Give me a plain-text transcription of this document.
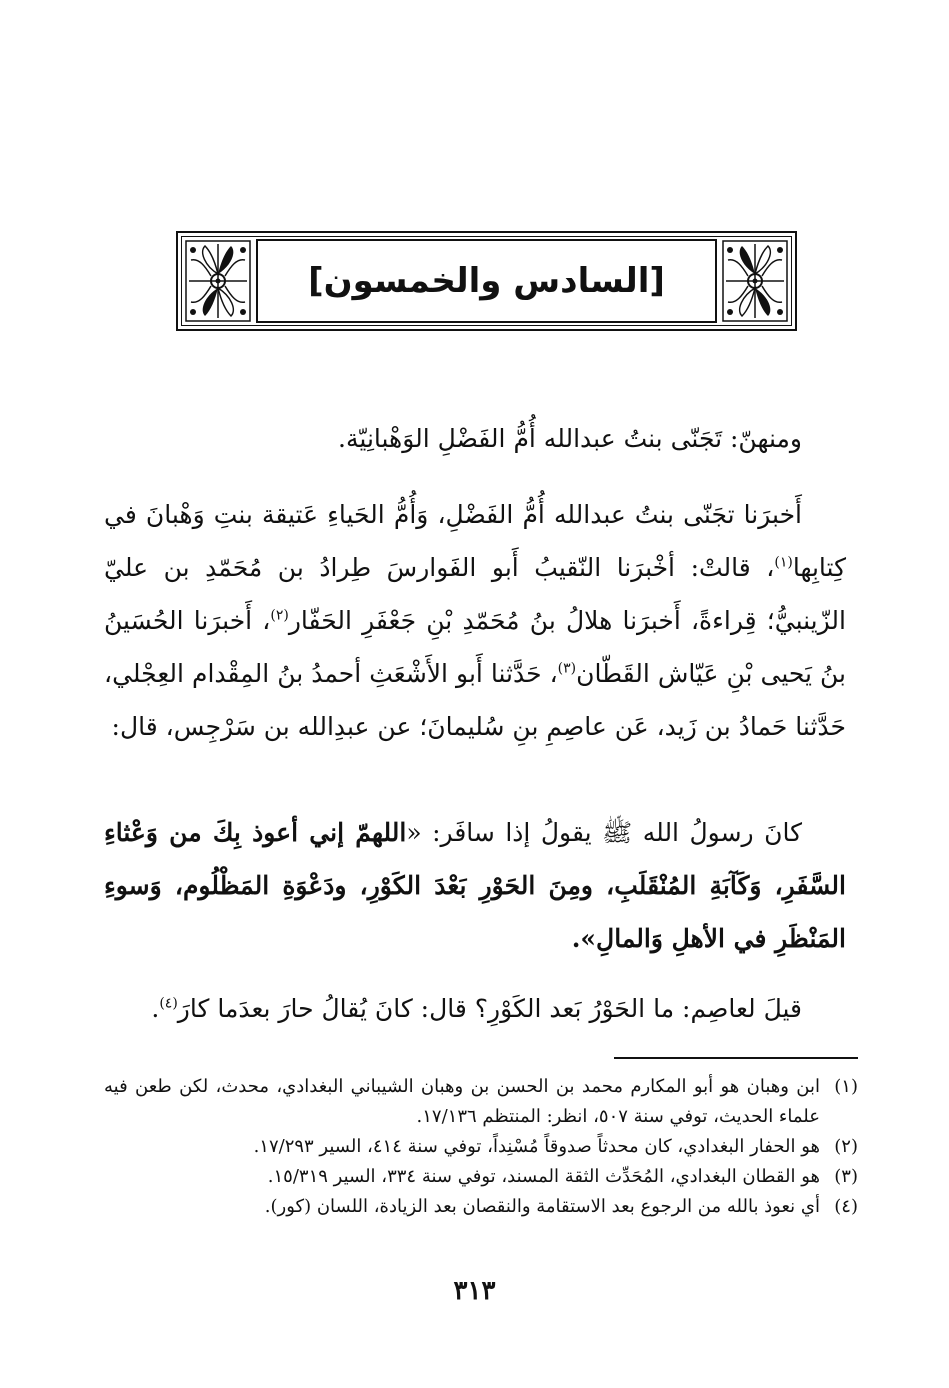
[السادس والخمسون]

ومنهنّ: تَجَنّى بنتُ عبدالله أُمُّ الفَضْلِ الوَهْبانِيّة.

أَخبرَنا تجَنّى بنتُ عبدالله أُمُّ الفَضْلِ، وَأُمُّ الحَياءِ عَتيقة بنتِ وَهْبانَ في كِتابِها$^{(١)}$، قالتْ: أخْبرَنا النّقيبُ أَبو الفَوارسَ طِرادُ بن مُحَمّدِ بن عليّ الزّينبيُّ؛ قِراءةً، أَخبرَنا هلالُ بنُ مُحَمّدِ بْنِ جَعْفَرِ الحَفّار$^{(٢)}$، أَخبرَنا الحُسَينُ بنُ يَحيى بْنِ عَيّاش القَطّان$^{(٣)}$، حَدَّثنا أَبو الأَشْعَثِ أحمدُ بنُ المِقْدام العِجْلي، حَدَّثنا حَمادُ بن زَيد، عَن عاصِمِ بنِ سُليمانَ؛ عن عبدِالله بن سَرْجِس، قال:

كانَ رسولُ الله ﷺ يقولُ إذا سافَر: «اللهمّ إني أعوذ بِكَ من وَعْثاءِ السَّفَرِ، وَكَآبَةِ المُنْقَلَبِ، ومِنَ الحَوْرِ بَعْدَ الكَوْرِ، ودَعْوَةِ المَظْلُوم، وَسوءِ المَنْظَرِ في الأهلِ وَالمالِ».

قيلَ لعاصِم: ما الحَوْرُ بَعد الكَوْرِ؟ قال: كانَ يُقالُ حارَ بعدَما كارَ$^{(٤)}$.

(١)
ابن وهبان هو أبو المكارم محمد بن الحسن بن وهبان الشيباني البغدادي، محدث، لكن طعن فيه علماء الحديث، توفي سنة ٥٠٧، انظر: المنتظم ١٧/١٣٦.
(٢)
هو الحفار البغدادي، كان محدثاً صدوقاً مُسْنِداً، توفي سنة ٤١٤، السير ١٧/٢٩٣.
(٣)
هو القطان البغدادي، المُحَدِّث الثقة المسند، توفي سنة ٣٣٤، السير ١٥/٣١٩.
(٤)
أي نعوذ بالله من الرجوع بعد الاستقامة والنقصان بعد الزيادة، اللسان (كور).
٣١٣
